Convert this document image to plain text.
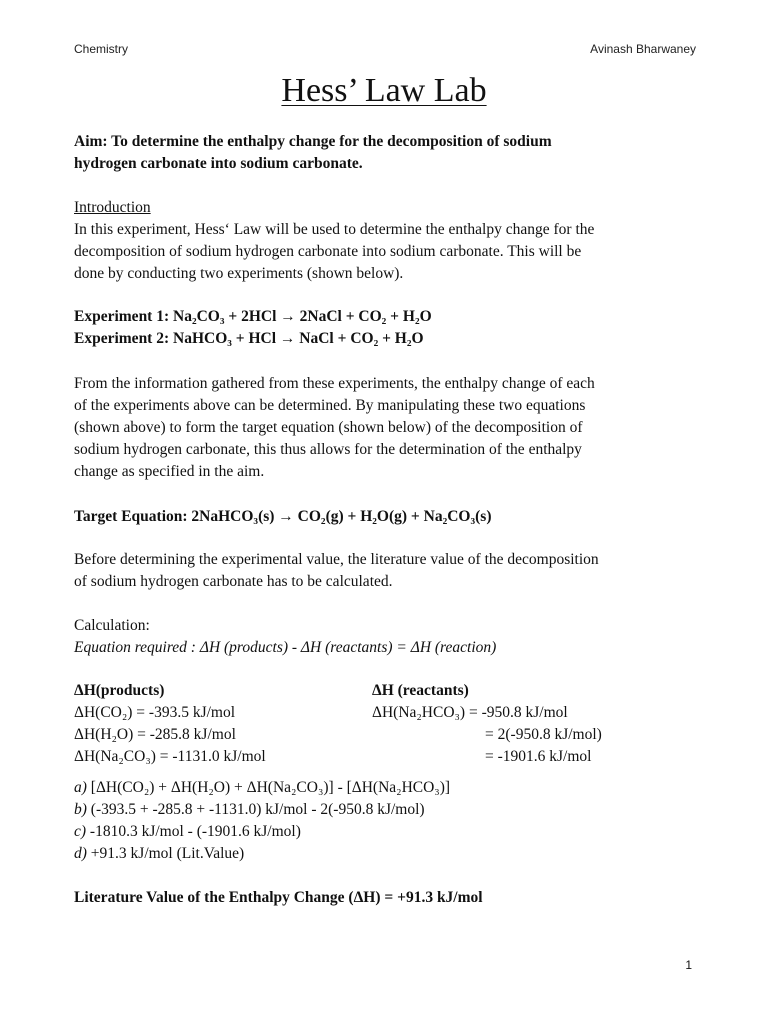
Chemistry	Avinash Bharwaney
Hess’ Law Lab
Aim: To determine the enthalpy change for the decomposition of sodium
hydrogen carbonate into sodium carbonate.
Introduction
In this experiment, Hess‘ Law will be used to determine the enthalpy change for the
decomposition of sodium hydrogen carbonate into sodium carbonate. This will be
done by conducting two experiments (shown below).
Experiment 1: Na₂CO₃ + 2HCl → 2NaCl + CO₂ + H₂O
Experiment 2: NaHCO₃ + HCl → NaCl + CO₂ + H₂O
From the information gathered from these experiments, the enthalpy change of each
of the experiments above can be determined. By manipulating these two equations
(shown above) to form the target equation (shown below) of the decomposition of
sodium hydrogen carbonate, this thus allows for the determination of the enthalpy
change as specified in the aim.
Target Equation: 2NaHCO₃(s) → CO₂(g) + H₂O(g) + Na₂CO₃(s)
Before determining the experimental value, the literature value of the decomposition
of sodium hydrogen carbonate has to be calculated.
Calculation:
Equation required : ΔH (products) - ΔH (reactants) = ΔH (reaction)
ΔH(products)	ΔH (reactants)
ΔH(CO₂) = -393.5 kJ/mol
ΔH(H₂O) = -285.8 kJ/mol
ΔH(Na₂CO₃) = -1131.0 kJ/mol
ΔH(Na₂HCO₃) = -950.8 kJ/mol
= 2(-950.8 kJ/mol)
= -1901.6 kJ/mol
a) [ΔH(CO₂) + ΔH(H₂O) + ΔH(Na₂CO₃)] - [ΔH(Na₂HCO₃)]
b) (-393.5 + -285.8 + -1131.0) kJ/mol - 2(-950.8 kJ/mol)
c) -1810.3 kJ/mol - (-1901.6 kJ/mol)
d) +91.3 kJ/mol (Lit.Value)
Literature Value of the Enthalpy Change (ΔH) = +91.3 kJ/mol
1
